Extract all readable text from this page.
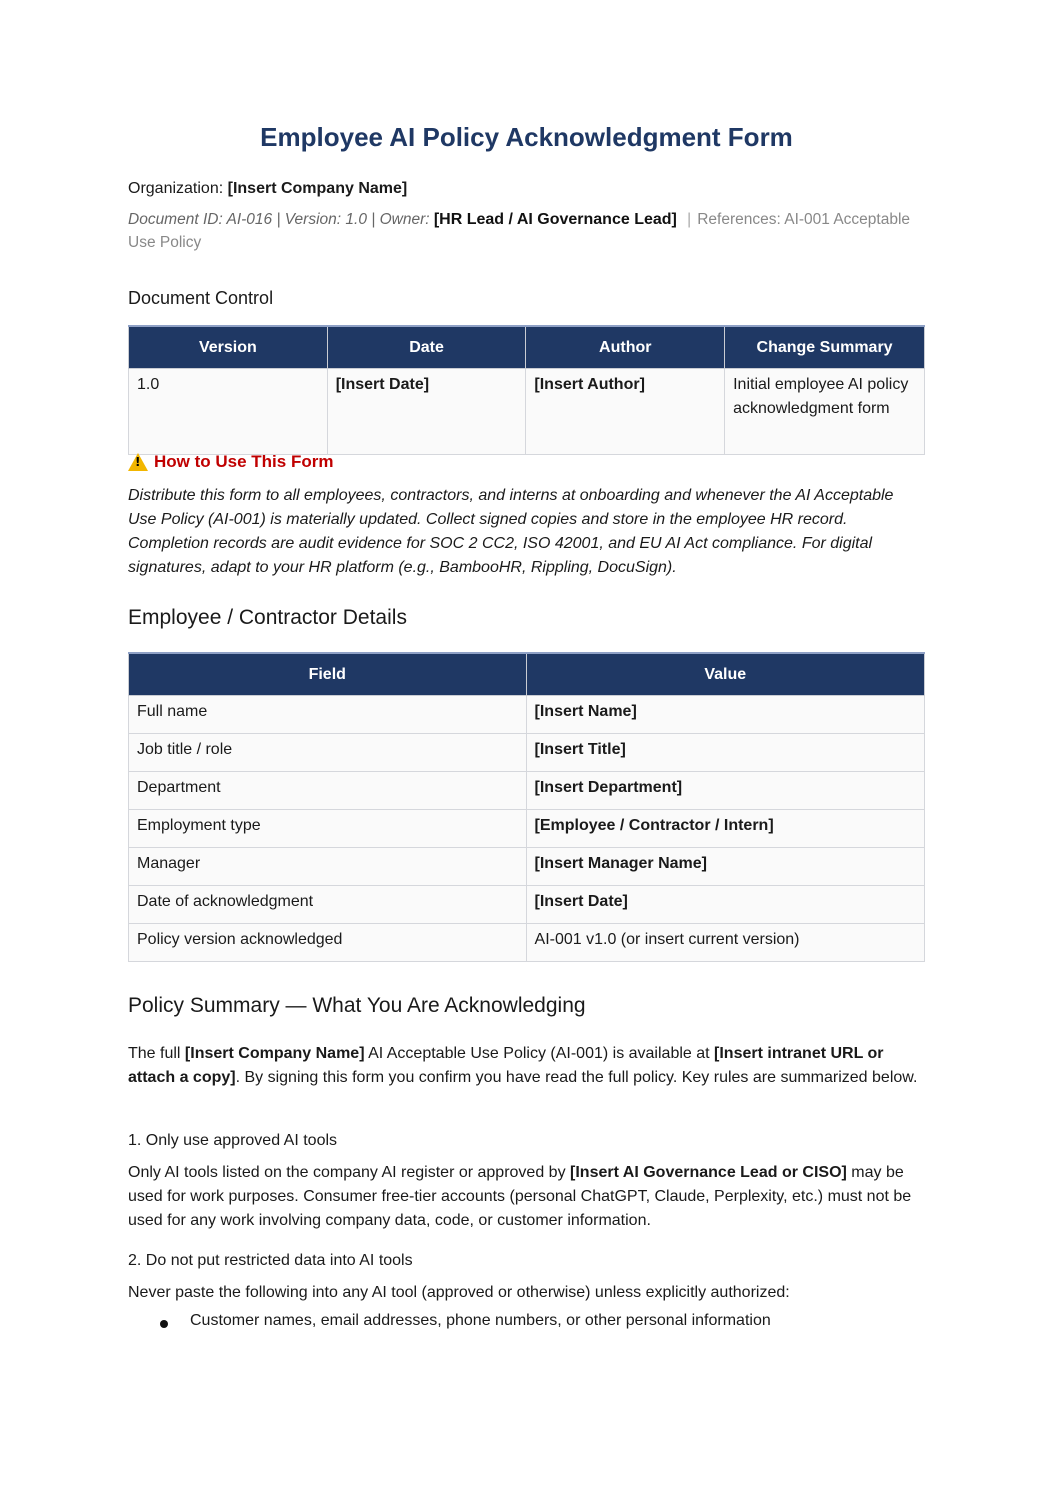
Employee AI Policy Acknowledgment Form
Organization: [Insert Company Name]
Document ID: AI-016 | Version: 1.0 | Owner: [HR Lead / AI Governance Lead] | References: AI-001 Acceptable Use Policy
Document Control
Version	Date	Author	Change Summary
1.0	[Insert Date]	[Insert Author]	Initial employee AI policy acknowledgment form
!
How to Use This Form

Distribute this form to all employees, contractors, and interns at onboarding and whenever the AI Acceptable Use Policy (AI-001) is materially updated. Collect signed copies and store in the employee HR record. Completion records are audit evidence for SOC 2 CC2, ISO 42001, and EU AI Act compliance. For digital signatures, adapt to your HR platform (e.g., BambooHR, Rippling, DocuSign).

Employee / Contractor Details
Field	Value
Full name	[Insert Name]
Job title / role	[Insert Title]
Department	[Insert Department]
Employment type	[Employee / Contractor / Intern]
Manager	[Insert Manager Name]
Date of acknowledgment	[Insert Date]
Policy version acknowledged	AI-001 v1.0 (or insert current version)
Policy Summary — What You Are Acknowledging

The full [Insert Company Name] AI Acceptable Use Policy (AI-001) is available at [Insert intranet URL or attach a copy]. By signing this form you confirm you have read the full policy. Key rules are summarized below.

1. Only use approved AI tools

Only AI tools listed on the company AI register or approved by [Insert AI Governance Lead or CISO] may be used for work purposes. Consumer free-tier accounts (personal ChatGPT, Claude, Perplexity, etc.) must not be used for any work involving company data, code, or customer information.

2. Do not put restricted data into AI tools

Never paste the following into any AI tool (approved or otherwise) unless explicitly authorized:

Customer names, email addresses, phone numbers, or other personal information
